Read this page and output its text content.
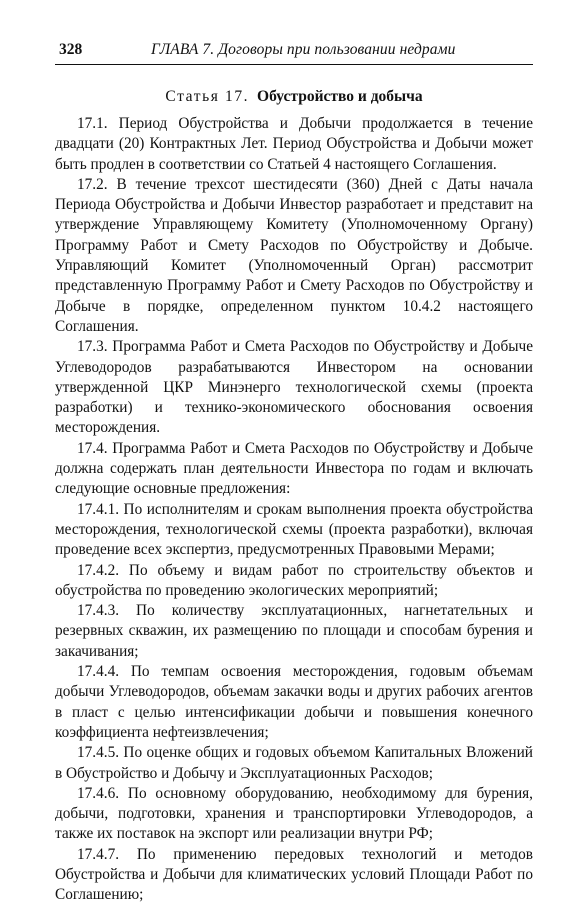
328	ГЛАВА 7. Договоры при пользовании недрами
Статья 17. Обустройство и добыча

17.1. Период Обустройства и Добычи продолжается в течение двадцати (20) Контрактных Лет. Период Обустройства и Добычи может быть продлен в соответствии со Статьей 4 настоящего Соглашения.

17.2. В течение трехсот шестидесяти (360) Дней с Даты начала Периода Обустройства и Добычи Инвестор разработает и представит на утверждение Управляющему Комитету (Уполномоченному Органу) Программу Работ и Смету Расходов по Обустройству и Добыче. Управляющий Комитет (Уполномоченный Орган) рассмотрит представленную Программу Работ и Смету Расходов по Обустройству и Добыче в порядке, определенном пунктом 10.4.2 настоящего Соглашения.

17.3. Программа Работ и Смета Расходов по Обустройству и Добыче Углеводородов разрабатываются Инвестором на основании утвержденной ЦКР Минэнерго технологической схемы (проекта разработки) и технико-экономического обоснования освоения месторождения.

17.4. Программа Работ и Смета Расходов по Обустройству и Добыче должна содержать план деятельности Инвестора по годам и включать следующие основные предложения:

17.4.1. По исполнителям и срокам выполнения проекта обустройства месторождения, технологической схемы (проекта разработки), включая проведение всех экспертиз, предусмотренных Правовыми Мерами;

17.4.2. По объему и видам работ по строительству объектов и обустройства по проведению экологических мероприятий;

17.4.3. По количеству эксплуатационных, нагнетательных и резервных скважин, их размещению по площади и способам бурения и закачивания;

17.4.4. По темпам освоения месторождения, годовым объемам добычи Углеводородов, объемам закачки воды и других рабочих агентов в пласт с целью интенсификации добычи и повышения конечного коэффициента нефтеизвлечения;

17.4.5. По оценке общих и годовых объемом Капитальных Вложений в Обустройство и Добычу и Эксплуатационных Расходов;

17.4.6. По основному оборудованию, необходимому для бурения, добычи, подготовки, хранения и транспортировки Углеводородов, а также их поставок на экспорт или реализации внутри РФ;

17.4.7. По применению передовых технологий и методов Обустройства и Добычи для климатических условий Площади Работ по Соглашению;
